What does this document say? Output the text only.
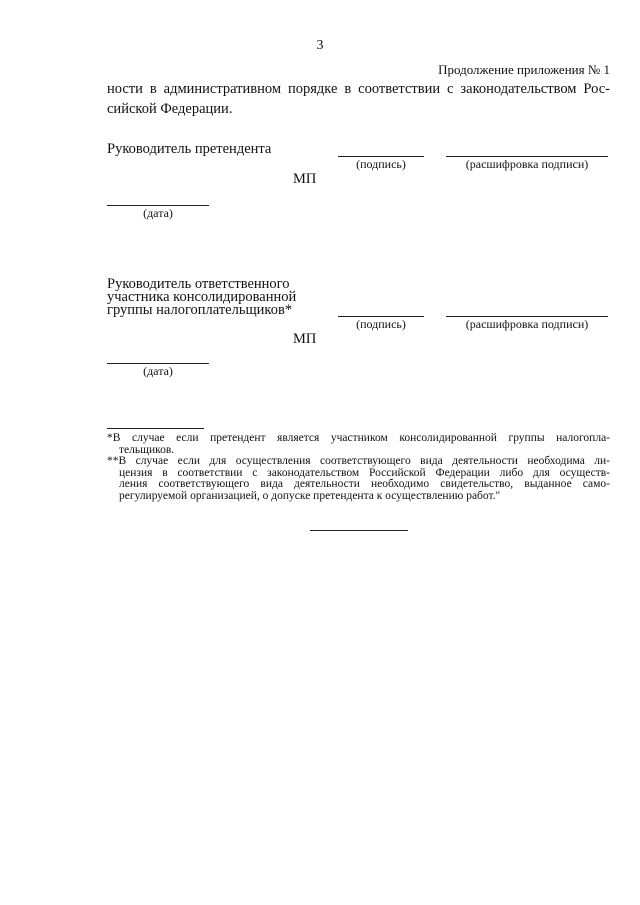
3
Продолжение приложения № 1
ности в административном порядке в соответствии с законодательством Рос-
сийской Федерации.
Руководитель претендента
(подпись)	(расшифровка подписи)
МП
(дата)
Руководитель ответственного
участника консолидированной
группы налогоплательщиков*
(подпись)	(расшифровка подписи)
МП
(дата)

*В случае если претендент является участником консолидированной группы налогопла-
тельщиков.

**В случае если для осуществления соответствующего вида деятельности необходима ли-
цензия в соответствии с законодательством Российской Федерации либо для осуществ-
ления соответствующего вида деятельности необходимо свидетельство, выданное само-
регулируемой организацией, о допуске претендента к осуществлению работ."
